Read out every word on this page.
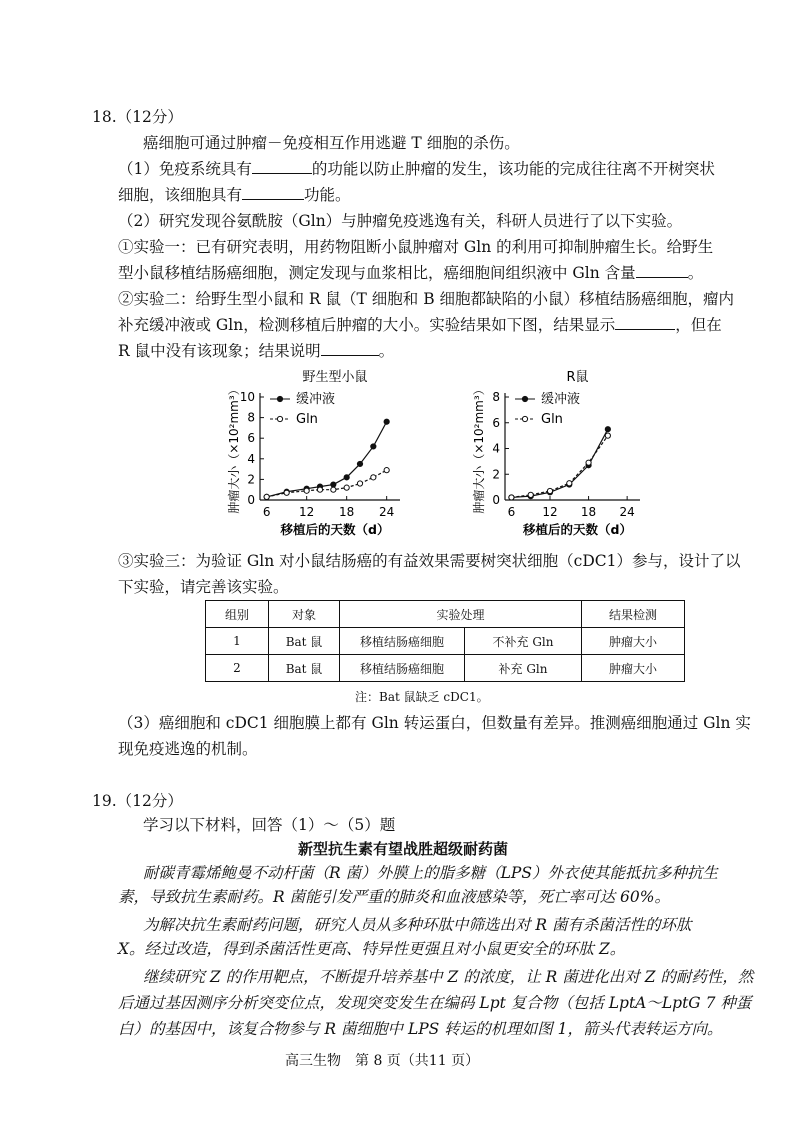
18.（12分）
癌细胞可通过肿瘤－免疫相互作用逃避 T 细胞的杀伤。
（1）免疫系统具有	的功能以防止肿瘤的发生，该功能的完成往往离不开树突状
细胞，该细胞具有	功能。
（2）研究发现谷氨酰胺（Gln）与肿瘤免疫逃逸有关，科研人员进行了以下实验。
①实验一：已有研究表明，用药物阻断小鼠肿瘤对 Gln 的利用可抑制肿瘤生长。给野生
型小鼠移植结肠癌细胞，测定发现与血浆相比，癌细胞间组织液中 Gln 含量	。
②实验二：给野生型小鼠和 R 鼠（T 细胞和 B 细胞都缺陷的小鼠）移植结肠癌细胞，瘤内
补充缓冲液或 Gln，检测移植后肿瘤的大小。实验结果如下图，结果显示	，但在
R 鼠中没有该现象；结果说明	。
野生型小鼠
6 12 18 24
0
2
4
6
8
10
移植后的天数（d）
肿瘤大小（×10²mm³）	缓冲液
Gln
R鼠
6 12 18 24
0
2
4
6
8
移植后的天数（d）
肿瘤大小（×10²mm³）	缓冲液
Gln
③实验三：为验证 Gln 对小鼠结肠癌的有益效果需要树突状细胞（cDC1）参与，设计了以
下实验，请完善该实验。
组别	对象	实验处理		结果检测
1	Bat 鼠	移植结肠癌细胞	不补充 Gln	肿瘤大小
2	Bat 鼠	移植结肠癌细胞	补充 Gln	肿瘤大小
注：Bat 鼠缺乏 cDC1。
（3）癌细胞和 cDC1 细胞膜上都有 Gln 转运蛋白，但数量有差异。推测癌细胞通过 Gln 实
现免疫逃逸的机制。
19.（12分）
学习以下材料，回答（1）～（5）题
新型抗生素有望战胜超级耐药菌
耐碳青霉烯鲍曼不动杆菌（R 菌）外膜上的脂多糖（LPS）外衣使其能抵抗多种抗生
素，导致抗生素耐药。R 菌能引发严重的肺炎和血液感染等，死亡率可达 60%。
为解决抗生素耐药问题，研究人员从多种环肽中筛选出对 R 菌有杀菌活性的环肽
X。经过改造，得到杀菌活性更高、特异性更强且对小鼠更安全的环肽 Z。
继续研究 Z 的作用靶点，不断提升培养基中 Z 的浓度，让 R 菌进化出对 Z 的耐药性，然
后通过基因测序分析突变位点，发现突变发生在编码 Lpt 复合物（包括 LptA～LptG 7 种蛋
白）的基因中，该复合物参与 R 菌细胞中 LPS 转运的机理如图 1，箭头代表转运方向。
高三生物　第 8 页（共11 页）
